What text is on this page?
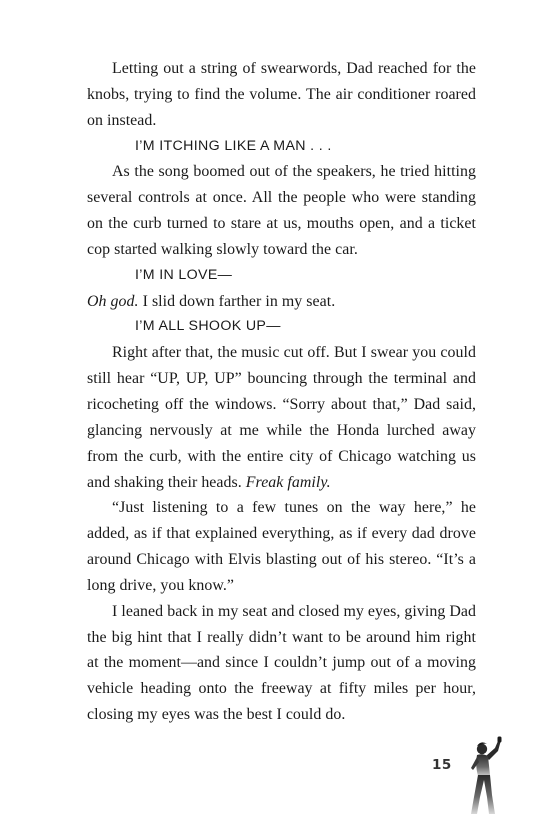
Letting out a string of swearwords, Dad reached for the knobs, trying to find the volume. The air conditioner roared on instead.

I’M ITCHING LIKE A MAN . . .

As the song boomed out of the speakers, he tried hitting several controls at once. All the people who were standing on the curb turned to stare at us, mouths open, and a ticket cop started walking slowly toward the car.

I’M IN LOVE—

Oh god. I slid down farther in my seat.

I’M ALL SHOOK UP—

Right after that, the music cut off. But I swear you could still hear “UP, UP, UP” bouncing through the terminal and ricocheting off the windows. “Sorry about that,” Dad said, glancing nervously at me while the Honda lurched away from the curb, with the entire city of Chicago watching us and shaking their heads. Freak family.

“Just listening to a few tunes on the way here,” he added, as if that explained everything, as if every dad drove around Chicago with Elvis blasting out of his stereo. “It’s a long drive, you know.”

I leaned back in my seat and closed my eyes, giving Dad the big hint that I really didn’t want to be around him right at the moment—and since I couldn’t jump out of a moving vehicle heading onto the freeway at fifty miles per hour, closing my eyes was the best I could do.

15
